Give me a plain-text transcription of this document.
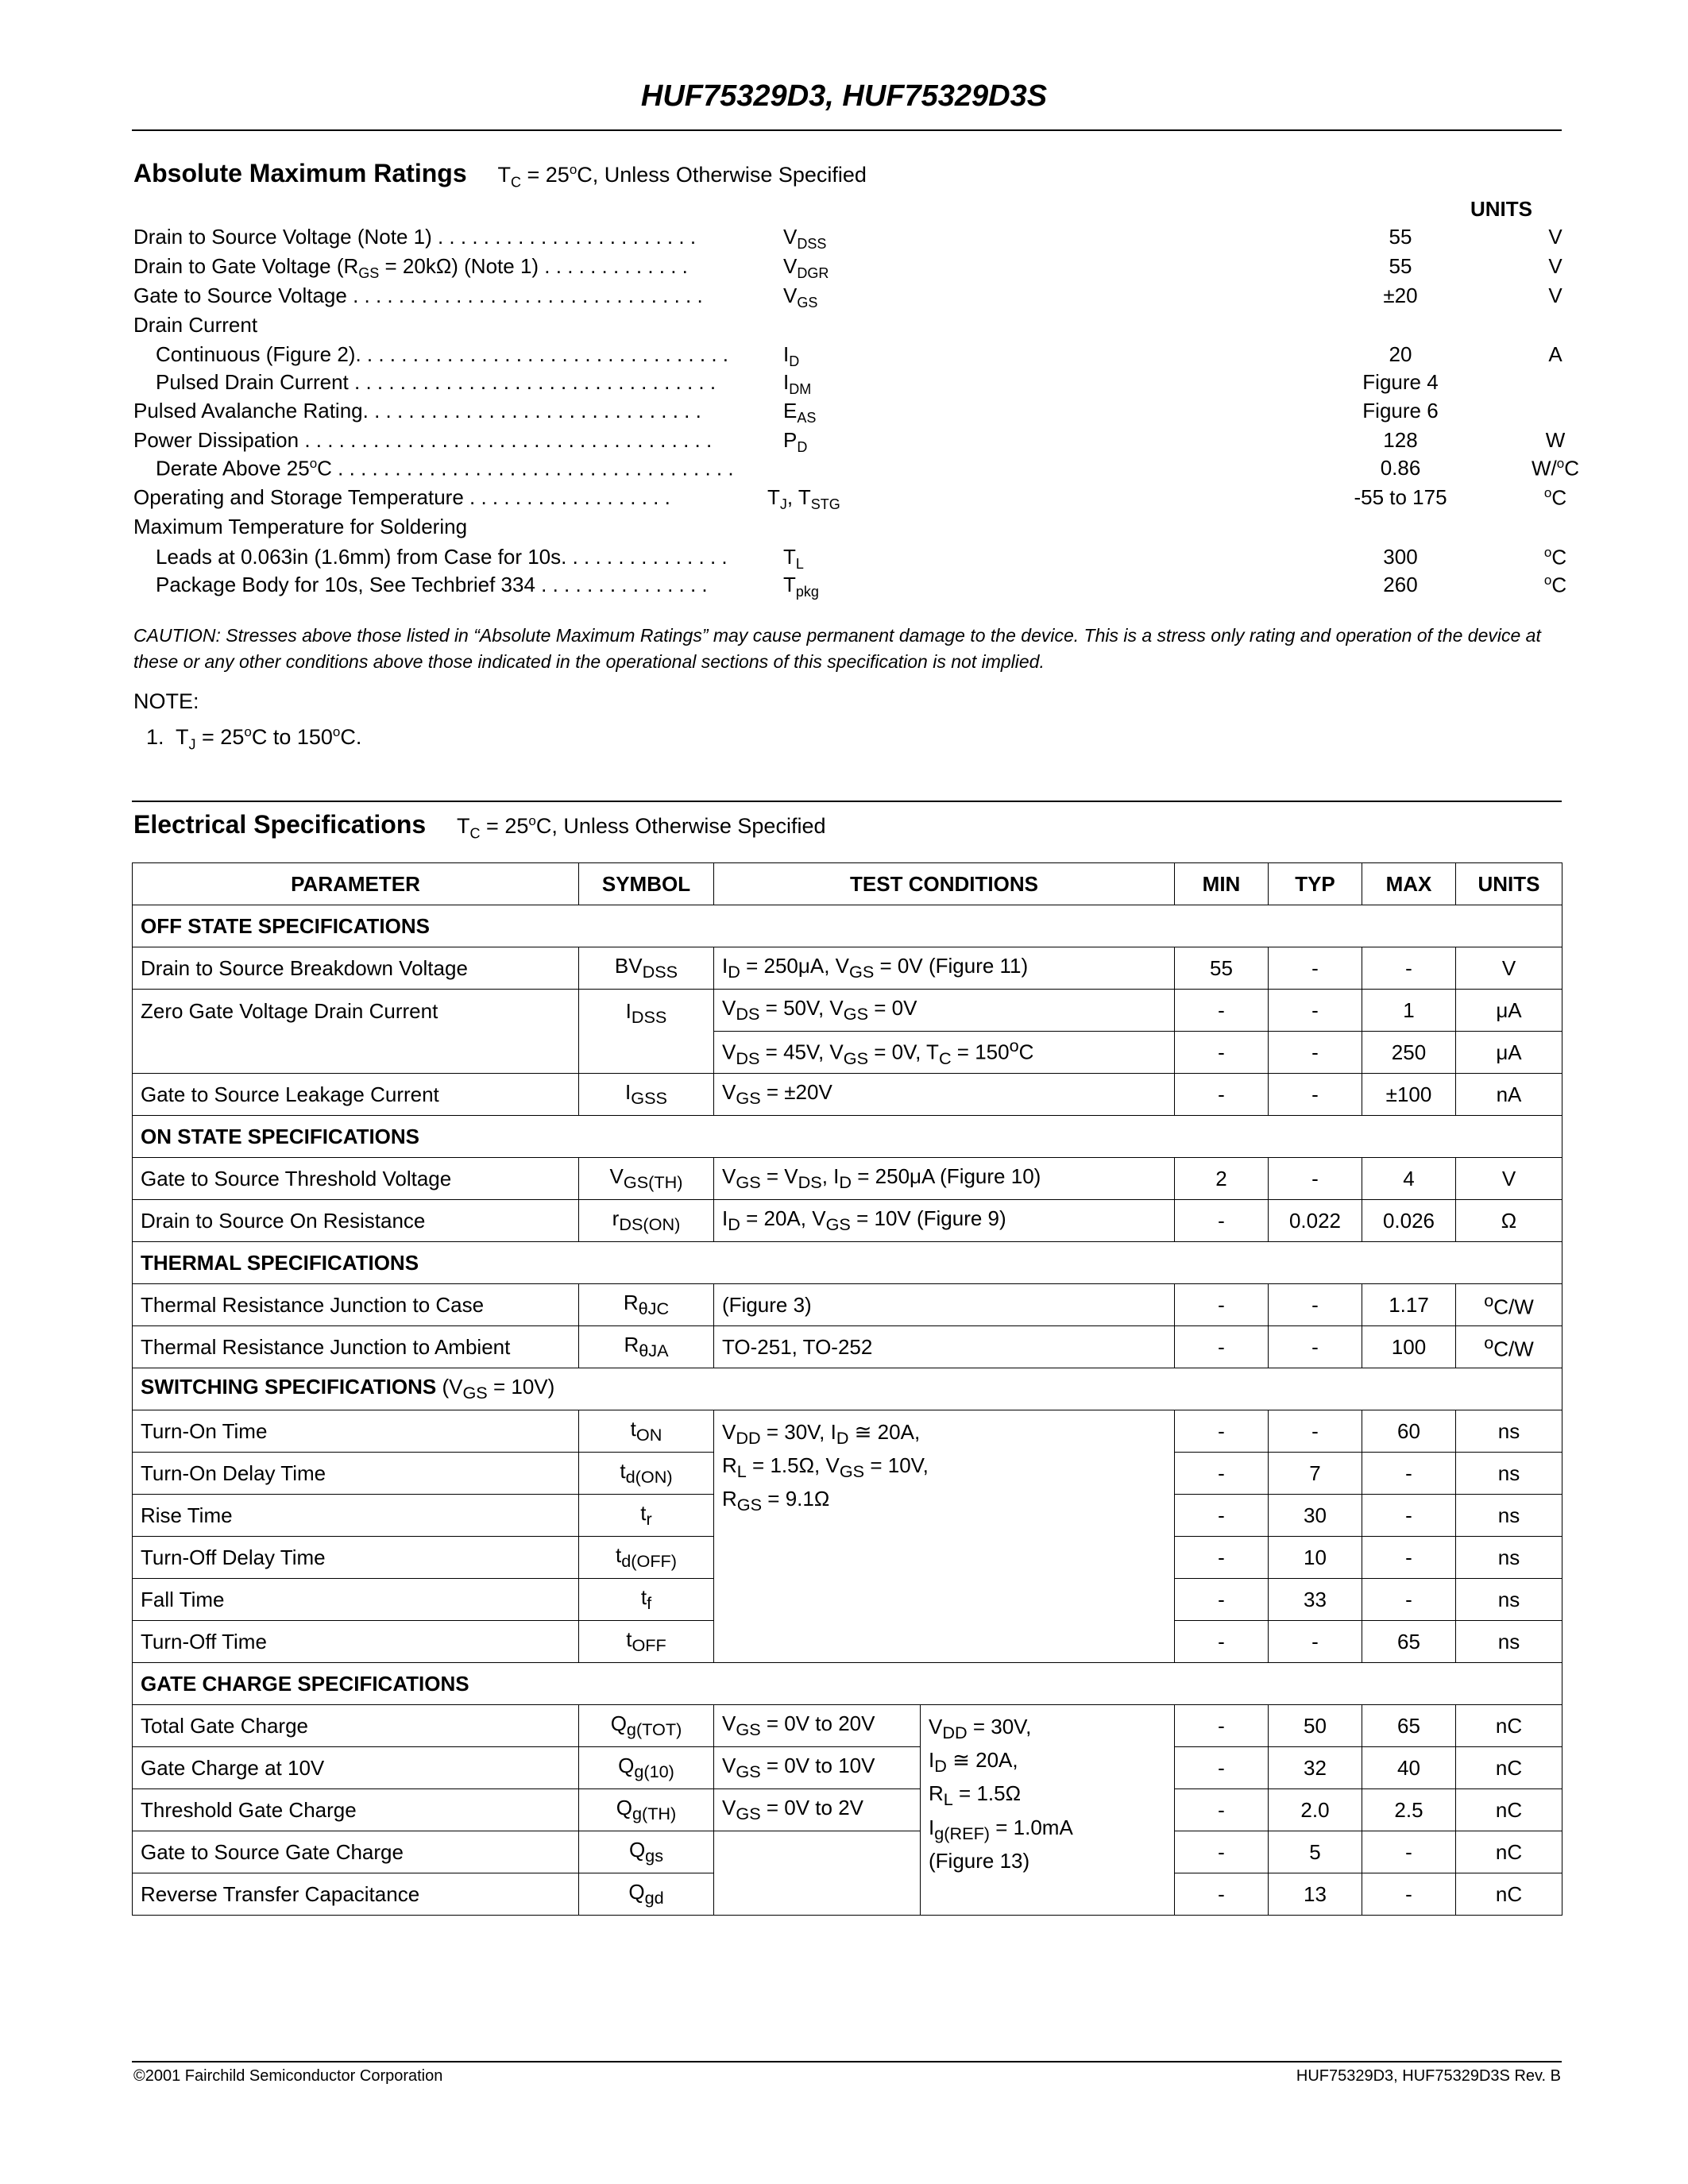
HUF75329D3, HUF75329D3S
Absolute Maximum Ratings $T_C = 25^oC$, Unless Otherwise Specified
UNITS
Drain to Source Voltage (Note 1) . . . . . . . . . . . . . . . . . . . . . . .	$V_{DSS}$	55	V
Drain to Gate Voltage $(R_{GS} = 20k\Omega)$ (Note 1) . . . . . . . . . . . . .	$V_{DGR}$	55	V
Gate to Source Voltage . . . . . . . . . . . . . . . . . . . . . . . . . . . . . . .	$V_{GS}$	±20	V
Drain Current
Continuous (Figure 2). . . . . . . . . . . . . . . . . . . . . . . . . . . . . . . . .	$I_D$	20	A
Pulsed Drain Current . . . . . . . . . . . . . . . . . . . . . . . . . . . . . . . .	$I_{DM}$	Figure 4
Pulsed Avalanche Rating. . . . . . . . . . . . . . . . . . . . . . . . . . . . . .	$E_{AS}$	Figure 6
Power Dissipation . . . . . . . . . . . . . . . . . . . . . . . . . . . . . . . . . . . .	$P_D$	128	W
Derate Above 25$^o$C . . . . . . . . . . . . . . . . . . . . . . . . . . . . . . . . . . .	0.86	W/$^o$C
Operating and Storage Temperature . . . . . . . . . . . . . . . . . .	$T_J$, $T_{STG}$	-55 to 175	$^o$C
Maximum Temperature for Soldering
Leads at 0.063in (1.6mm) from Case for 10s. . . . . . . . . . . . . . .	$T_L$	300	$^o$C
Package Body for 10s, See Techbrief 334 . . . . . . . . . . . . . . .	$T_{pkg}$	260	$^o$C
CAUTION: Stresses above those listed in “Absolute Maximum Ratings” may cause permanent damage to the device. This is a stress only rating and operation of the device at these or any other conditions above those indicated in the operational sections of this specification is not implied.
NOTE:
1.  $T_J = 25^oC$ to 150$^o$C.
Electrical Specifications $T_C = 25^oC$, Unless Otherwise Specified
PARAMETER	SYMBOL	TEST CONDITIONS		MIN	TYP	MAX	UNITS
OFF STATE SPECIFICATIONS							
Drain to Source Breakdown Voltage	$BV_{DSS}$	$I_D = 250\mu A$, $V_{GS} = 0V$ (Figure 11)		55	-	-	V
Zero Gate Voltage Drain Current	$I_{DSS}$	$V_{DS} = 50V$, $V_{GS} = 0V$		-	-	1	μA
		$V_{DS} = 45V$, $V_{GS} = 0V$, $T_C = 150^oC$		-	-	250	μA
Gate to Source Leakage Current	$I_{GSS}$	$V_{GS} = \pm 20V$		-	-	±100	nA
ON STATE SPECIFICATIONS							
Gate to Source Threshold Voltage	$V_{GS(TH)}$	$V_{GS} = V_{DS}$, $I_D = 250\mu A$ (Figure 10)		2	-	4	V
Drain to Source On Resistance	$r_{DS(ON)}$	$I_D = 20A$, $V_{GS} = 10V$ (Figure 9)		-	0.022	0.026	Ω
THERMAL SPECIFICATIONS							
Thermal Resistance Junction to Case	$R_{\theta JC}$	(Figure 3)		-	-	1.17	$^o$C/W
Thermal Resistance Junction to Ambient	$R_{\theta JA}$	TO-251, TO-252		-	-	100	$^o$C/W
SWITCHING SPECIFICATIONS $(V_{GS} = 10V)$							
Turn-On Time	$t_{ON}$	$V_{DD} = 30V$, $I_D$ ≅ 20A,
$R_L = 1.5\Omega$, $V_{GS} = 10V$,
$R_{GS} = 9.1\Omega$		-	-	60	ns
Turn-On Delay Time	$t_{d(ON)}$			-	7	-	ns
Rise Time	$t_r$			-	30	-	ns
Turn-Off Delay Time	$t_{d(OFF)}$			-	10	-	ns
Fall Time	$t_f$			-	33	-	ns
Turn-Off Time	$t_{OFF}$			-	-	65	ns
GATE CHARGE SPECIFICATIONS							
Total Gate Charge	$Q_{g(TOT)}$	$V_{GS} = 0V$ to 20V	$V_{DD} = 30V$,
$I_D$ ≅ 20A,
$R_L = 1.5\Omega$
$I_{g(REF)} = 1.0mA$
(Figure 13)	-	50	65	nC
Gate Charge at 10V	$Q_{g(10)}$	$V_{GS} = 0V$ to 10V		-	32	40	nC
Threshold Gate Charge	$Q_{g(TH)}$	$V_{GS} = 0V$ to 2V		-	2.0	2.5	nC
Gate to Source Gate Charge	$Q_{gs}$			-	5	-	nC
Reverse Transfer Capacitance	$Q_{gd}$			-	13	-	nC
©2001 Fairchild Semiconductor Corporation	HUF75329D3, HUF75329D3S Rev. B
